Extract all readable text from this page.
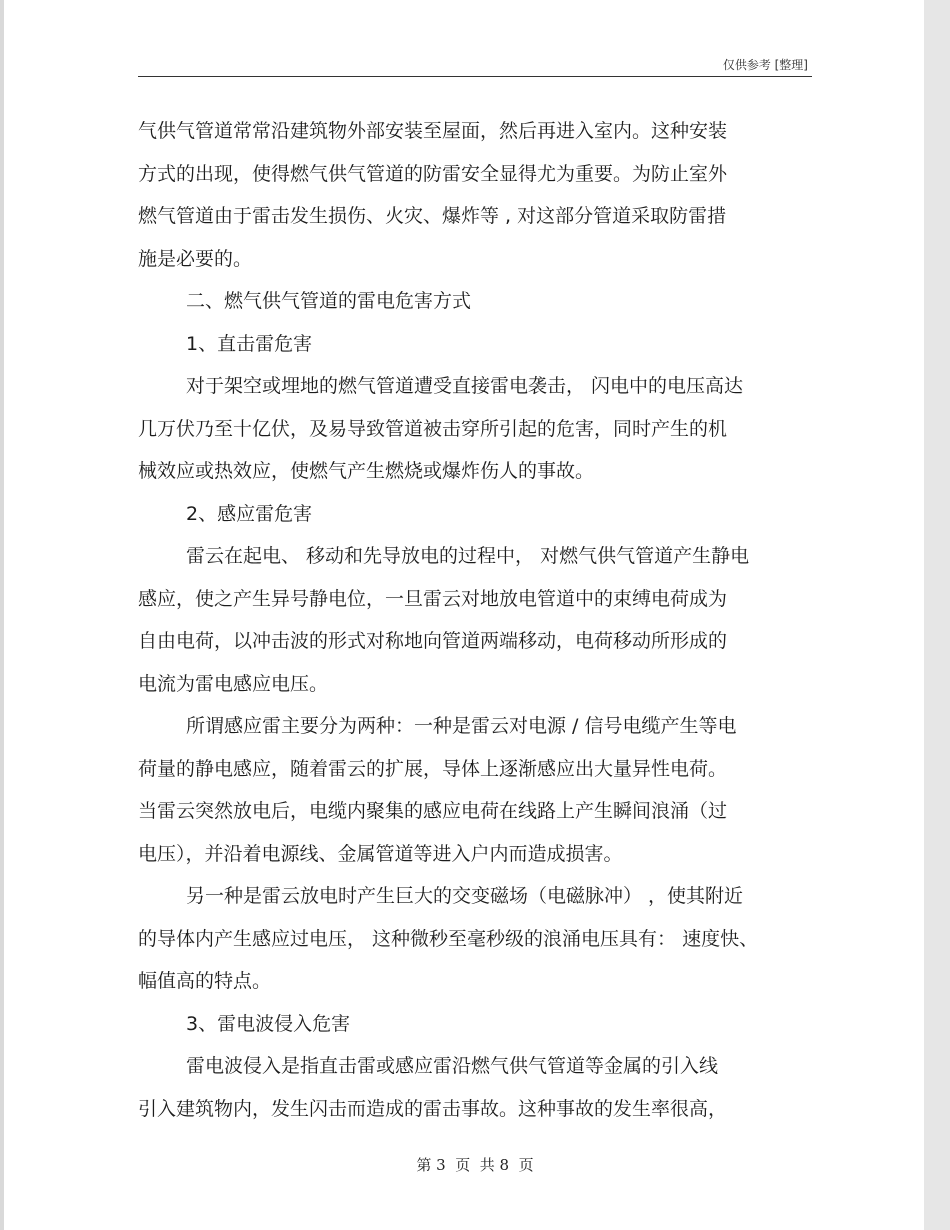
仅供参考 [整理]
气供气管道常常沿建筑物外部安装至屋面，然后再进入室内。这种安装
方式的出现，使得燃气供气管道的防雷安全显得尤为重要。为防止室外
燃气管道由于雷击发生损伤、火灾、爆炸等 , 对这部分管道采取防雷措
施是必要的。
二、燃气供气管道的雷电危害方式
1、直击雷危害
对于架空或埋地的燃气管道遭受直接雷电袭击， 闪电中的电压高达
几万伏乃至十亿伏，及易导致管道被击穿所引起的危害，同时产生的机
械效应或热效应，使燃气产生燃烧或爆炸伤人的事故。
2、感应雷危害
雷云在起电、 移动和先导放电的过程中， 对燃气供气管道产生静电
感应，使之产生异号静电位，一旦雷云对地放电管道中的束缚电荷成为
自由电荷，以冲击波的形式对称地向管道两端移动，电荷移动所形成的
电流为雷电感应电压。
所谓感应雷主要分为两种：一种是雷云对电源 / 信号电缆产生等电
荷量的静电感应，随着雷云的扩展，导体上逐渐感应出大量异性电荷。
当雷云突然放电后，电缆内聚集的感应电荷在线路上产生瞬间浪涌（过
电压），并沿着电源线、金属管道等进入户内而造成损害。
另一种是雷云放电时产生巨大的交变磁场（电磁脉冲） ，使其附近
的导体内产生感应过电压， 这种微秒至毫秒级的浪涌电压具有： 速度快、
幅值高的特点。
3、雷电波侵入危害
雷电波侵入是指直击雷或感应雷沿燃气供气管道等金属的引入线
引入建筑物内，发生闪击而造成的雷击事故。这种事故的发生率很高，
第 3  页  共 8  页
